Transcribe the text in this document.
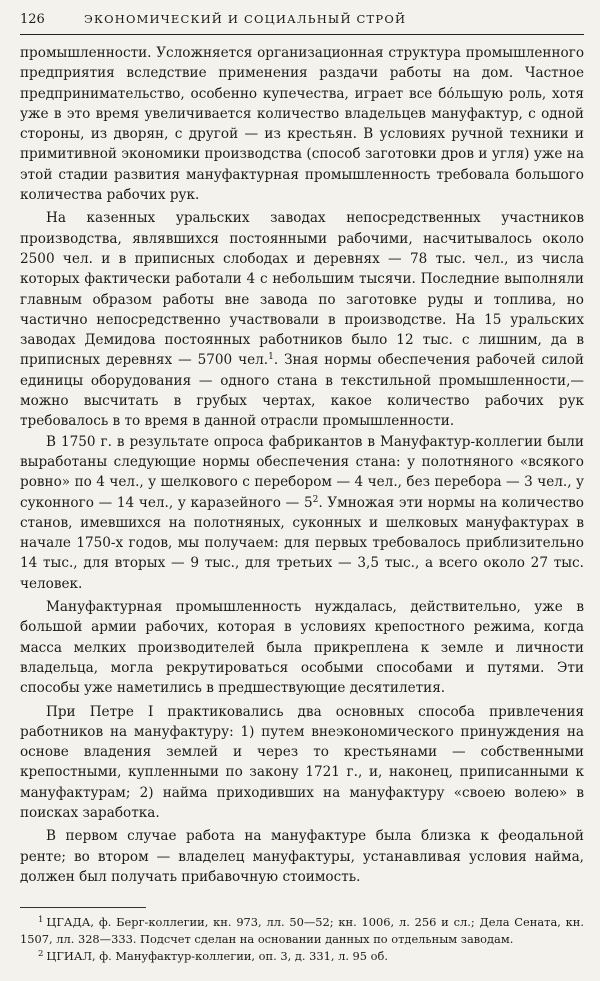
126	ЭКОНОМИЧЕСКИЙ И СОЦИАЛЬНЫЙ СТРОЙ

промышленности. Усложняется организационная структура промышленного предприятия вследствие применения раздачи работы на дом. Частное предпринимательство, особенно купечества, играет все бо́льшую роль, хотя уже в это время увеличивается количество владельцев мануфактур, с одной стороны, из дворян, с другой — из крестьян. В условиях ручной техники и примитивной экономики производства (способ заготовки дров и угля) уже на этой стадии развития мануфактурная промышленность требовала большого количества рабочих рук.

На казенных уральских заводах непосредственных участников производства, являвшихся постоянными рабочими, насчитывалось около 2500 чел. и в приписных слободах и деревнях — 78 тыс. чел., из числа которых фактически работали 4 с небольшим тысячи. Последние выполняли главным образом работы вне завода по заготовке руды и топлива, но частично непосредственно участвовали в производстве. На 15 уральских заводах Демидова постоянных работников было 12 тыс. с лишним, да в приписных деревнях — 5700 чел.$^1$. Зная нормы обеспечения рабочей силой единицы оборудования — одного стана в текстильной промышленности,— можно высчитать в грубых чертах, какое количество рабочих рук требовалось в то время в данной отрасли промышленности.

В 1750 г. в результате опроса фабрикантов в Мануфактур-коллегии были выработаны следующие нормы обеспечения стана: у полотняного «всякого ровно» по 4 чел., у шелкового с перебором — 4 чел., без перебора — 3 чел., у суконного — 14 чел., у каразейного — $5^2$. Умножая эти нормы на количество станов, имевшихся на полотняных, суконных и шелковых мануфактурах в начале 1750-х годов, мы получаем: для первых требовалось приблизительно 14 тыс., для вторых — 9 тыс., для третьих — 3,5 тыс., а всего около 27 тыс. человек.

Мануфактурная промышленность нуждалась, действительно, уже в большой армии рабочих, которая в условиях крепостного режима, когда масса мелких производителей была прикреплена к земле и личности владельца, могла рекрутироваться особыми способами и путями. Эти способы уже наметились в предшествующие десятилетия.

При Петре I практиковались два основных способа привлечения работников на мануфактуру: 1) путем внеэкономического принуждения на основе владения землей и через то крестьянами — собственными крепостными, купленными по закону 1721 г., и, наконец, приписанными к мануфактурам; 2) найма приходивших на мануфактуру «своею волею» в поисках заработка.

В первом случае работа на мануфактуре была близка к феодальной ренте; во втором — владелец мануфактуры, устанавливая условия найма, должен был получать прибавочную стоимость.

$^1$ ЦГАДА, ф. Берг-коллегии, кн. 973, лл. 50—52; кн. 1006, л. 256 и сл.; Дела Сената, кн. 1507, лл. 328—333. Подсчет сделан на основании данных по отдельным заводам.

$^2$ ЦГИАЛ, ф. Мануфактур-коллегии, оп. 3, д. 331, л. 95 об.
